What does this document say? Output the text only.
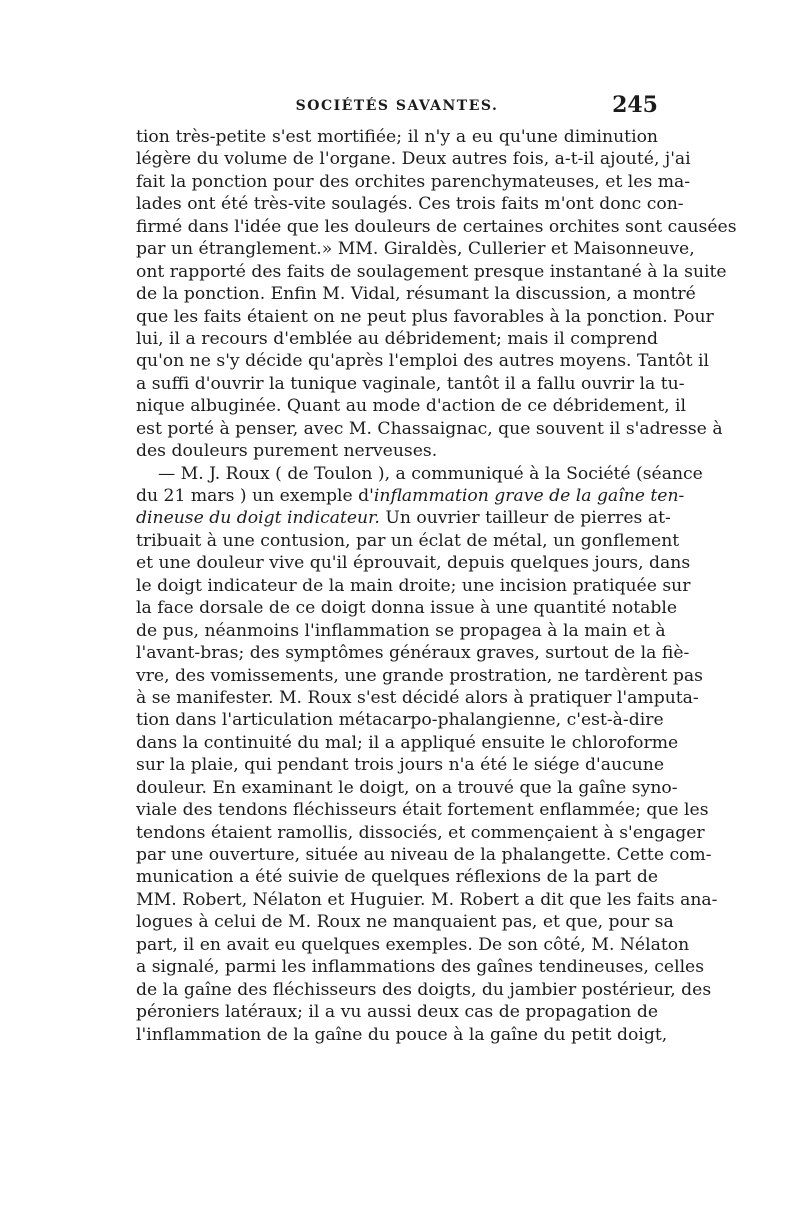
SOCIÉTÉS SAVANTES.	245
tion très-petite s'est mortifiée; il n'y a eu qu'une diminution
légère du volume de l'organe. Deux autres fois, a-t-il ajouté, j'ai
fait la ponction pour des orchites parenchymateuses, et les ma-
lades ont été très-vite soulagés. Ces trois faits m'ont donc con-
firmé dans l'idée que les douleurs de certaines orchites sont causées
par un étranglement.» MM. Giraldès, Cullerier et Maisonneuve,
ont rapporté des faits de soulagement presque instantané à la suite
de la ponction. Enfin M. Vidal, résumant la discussion, a montré
que les faits étaient on ne peut plus favorables à la ponction. Pour
lui, il a recours d'emblée au débridement; mais il comprend
qu'on ne s'y décide qu'après l'emploi des autres moyens. Tantôt il
a suffi d'ouvrir la tunique vaginale, tantôt il a fallu ouvrir la tu-
nique albuginée. Quant au mode d'action de ce débridement, il
est porté à penser, avec M. Chassaignac, que souvent il s'adresse à
des douleurs purement nerveuses.
— M. J. Roux ( de Toulon ), a communiqué à la Société (séance
du 21 mars ) un exemple d'inflammation grave de la gaîne ten-
dineuse du doigt indicateur. Un ouvrier tailleur de pierres at-
tribuait à une contusion, par un éclat de métal, un gonflement
et une douleur vive qu'il éprouvait, depuis quelques jours, dans
le doigt indicateur de la main droite; une incision pratiquée sur
la face dorsale de ce doigt donna issue à une quantité notable
de pus, néanmoins l'inflammation se propagea à la main et à
l'avant-bras; des symptômes généraux graves, surtout de la fiè-
vre, des vomissements, une grande prostration, ne tardèrent pas
à se manifester. M. Roux s'est décidé alors à pratiquer l'amputa-
tion dans l'articulation métacarpo-phalangienne, c'est-à-dire
dans la continuité du mal; il a appliqué ensuite le chloroforme
sur la plaie, qui pendant trois jours n'a été le siége d'aucune
douleur. En examinant le doigt, on a trouvé que la gaîne syno-
viale des tendons fléchisseurs était fortement enflammée; que les
tendons étaient ramollis, dissociés, et commençaient à s'engager
par une ouverture, située au niveau de la phalangette. Cette com-
munication a été suivie de quelques réflexions de la part de
MM. Robert, Nélaton et Huguier. M. Robert a dit que les faits ana-
logues à celui de M. Roux ne manquaient pas, et que, pour sa
part, il en avait eu quelques exemples. De son côté, M. Nélaton
a signalé, parmi les inflammations des gaînes tendineuses, celles
de la gaîne des fléchisseurs des doigts, du jambier postérieur, des
péroniers latéraux; il a vu aussi deux cas de propagation de
l'inflammation de la gaîne du pouce à la gaîne du petit doigt,
